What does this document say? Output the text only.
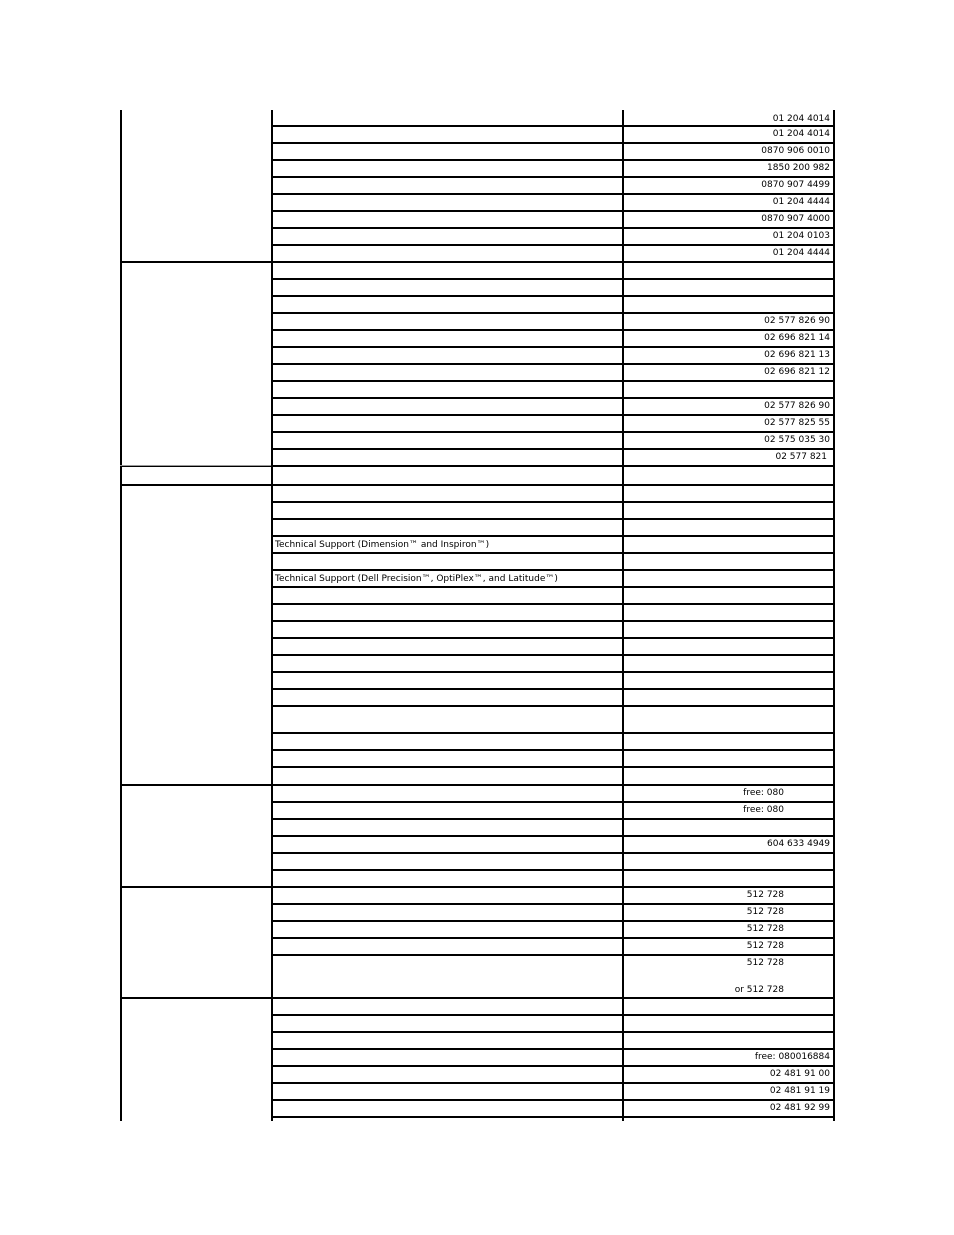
01 204 4014
01 204 4014
0870 906 0010
1850 200 982
0870 907 4499
01 204 4444
0870 907 4000
01 204 0103
01 204 4444
02 577 826 90
02 696 821 14
02 696 821 13
02 696 821 12
02 577 826 90
02 577 825 55
02 575 035 30
02 577 821
Technical Support (Dimension™ and Inspiron™)
Technical Support (Dell Precision™, OptiPlex™, and Latitude™)
free: 080
free: 080
604 633 4949
512 728
512 728
512 728
512 728
512 728
or 512 728
free: 080016884
02 481 91 00
02 481 91 19
02 481 92 99
